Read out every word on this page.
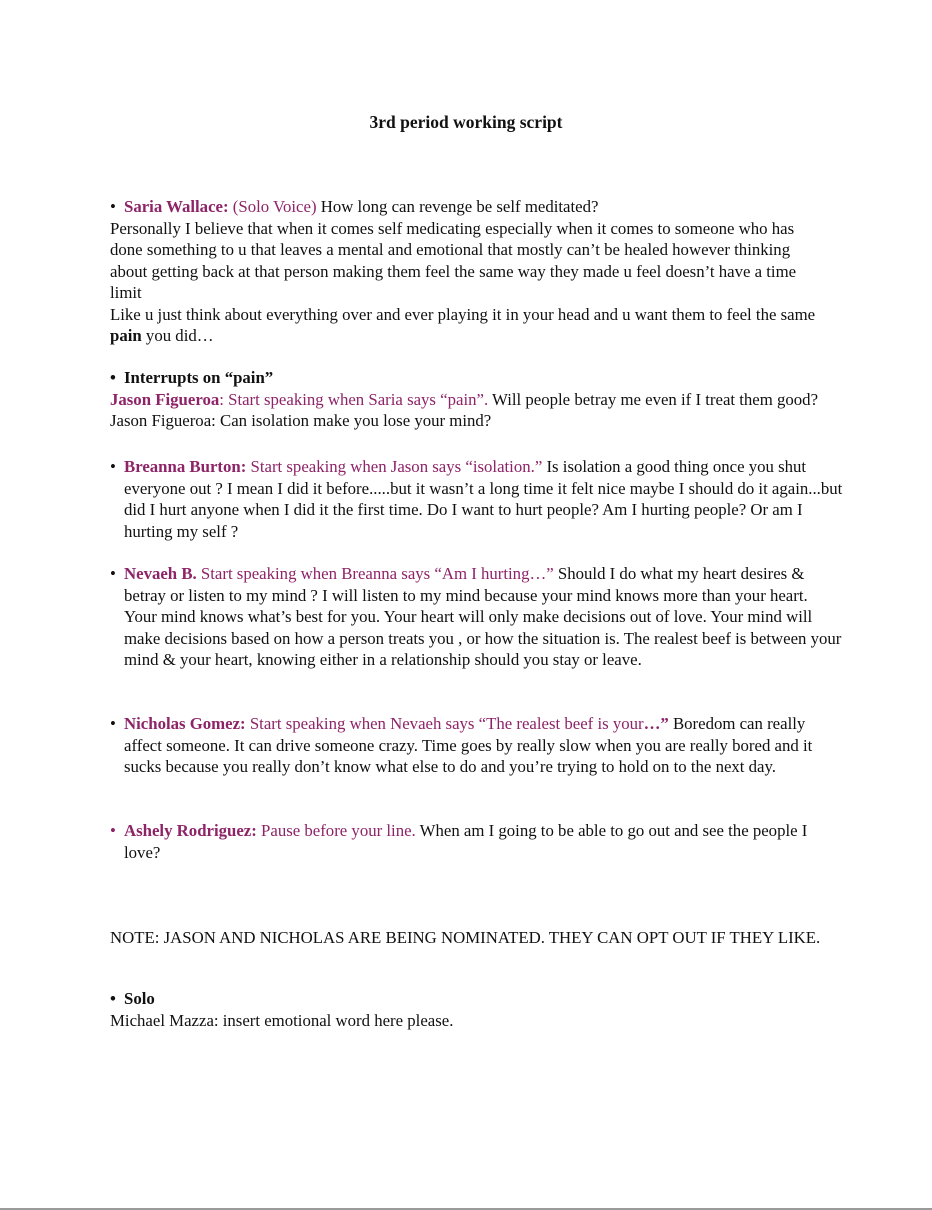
3rd period working script

• Saria Wallace: (Solo Voice) How long can revenge be self meditated?

Personally I believe that when it comes self medicating especially when it comes to someone who has done something to u that leaves a mental and emotional that mostly can’t be healed however thinking about getting back at that person making them feel the same way they made u feel doesn’t have a time limit

Like u just think about everything over and ever playing it in your head and u want them to feel the same pain you did…

• Interrupts on “pain”

Jason Figueroa: Start speaking when Saria says “pain”. Will people betray me even if I treat them good? Jason Figueroa: Can isolation make you lose your mind?

• Breanna Burton: Start speaking when Jason says “isolation.” Is isolation a good thing once you shut everyone out ? I mean I did it before.....but it wasn’t a long time it felt nice maybe I should do it again...but did I hurt anyone when I did it the first time. Do I want to hurt people? Am I hurting people? Or am I hurting my self ?

• Nevaeh B. Start speaking when Breanna says “Am I hurting…” Should I do what my heart desires & betray or listen to my mind ? I will listen to my mind because your mind knows more than your heart. Your mind knows what’s best for you. Your heart will only make decisions out of love. Your mind will make decisions based on how a person treats you , or how the situation is. The realest beef is between your mind & your heart, knowing either in a relationship should you stay or leave.

• Nicholas Gomez: Start speaking when Nevaeh says “The realest beef is your…” Boredom can really affect someone. It can drive someone crazy. Time goes by really slow when you are really bored and it sucks because you really don’t know what else to do and you’re trying to hold on to the next day.

• Ashely Rodriguez: Pause before your line. When am I going to be able to go out and see the people I love?

NOTE: JASON AND NICHOLAS ARE BEING NOMINATED. THEY CAN OPT OUT IF THEY LIKE.

• Solo

Michael Mazza: insert emotional word here please.
